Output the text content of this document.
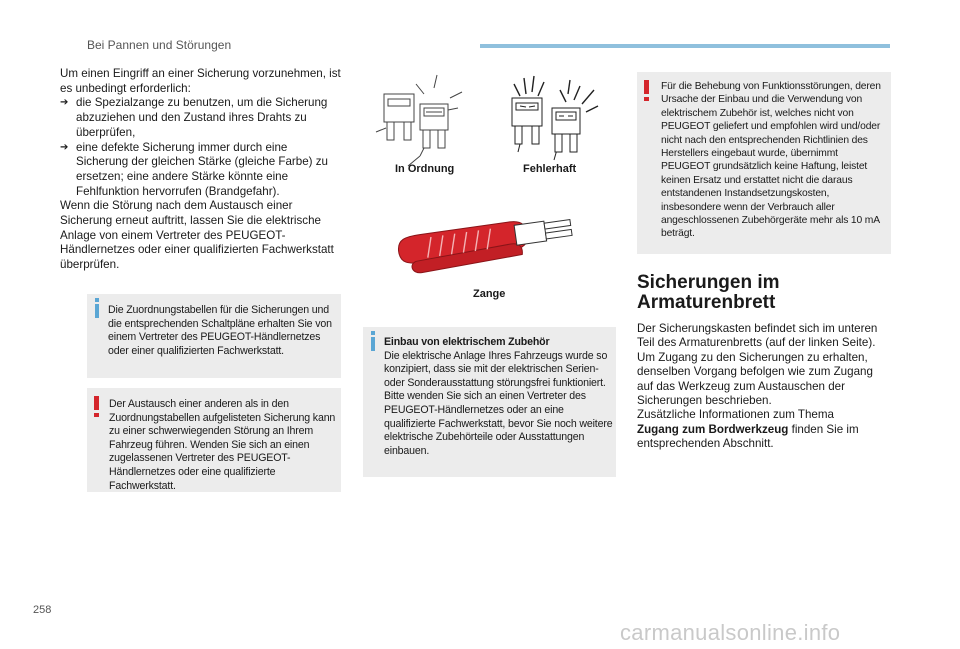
Bei Pannen und Störungen

Um einen Eingriff an einer Sicherung vorzunehmen, ist es unbedingt erforderlich:

➔ die Spezialzange zu benutzen, um die Sicherung abzuziehen und den Zustand ihres Drahts zu überprüfen,
➔ eine defekte Sicherung immer durch eine Sicherung der gleichen Stärke (gleiche Farbe) zu ersetzen; eine andere Stärke könnte eine Fehlfunktion hervorrufen (Brandgefahr).

Wenn die Störung nach dem Austausch einer Sicherung erneut auftritt, lassen Sie die elektrische Anlage von einem Vertreter des PEUGEOT-Händlernetzes oder einer qualifizierten Fachwerkstatt überprüfen.

Die Zuordnungstabellen für die Sicherungen und die entsprechenden Schaltpläne erhalten Sie von einem Vertreter des PEUGEOT-Händlernetzes oder einer qualifizierten Fachwerkstatt.
Der Austausch einer anderen als in den Zuordnungstabellen aufgelisteten Sicherung kann zu einer schwerwiegenden Störung an Ihrem Fahrzeug führen. Wenden Sie sich an einen zugelassenen Vertreter des PEUGEOT-Händlernetzes oder eine qualifizierte Fachwerkstatt.
In Ordnung	Fehlerhaft
Zange
Einbau von elektrischem Zubehör
Die elektrische Anlage Ihres Fahrzeugs wurde so konzipiert, dass sie mit der elektrischen Serien- oder Sonderausstattung störungsfrei funktioniert. Bitte wenden Sie sich an einen Vertreter des PEUGEOT-Händlernetzes oder an eine qualifizierte Fachwerkstatt, bevor Sie noch weitere elektrische Zubehörteile oder Ausstattungen einbauen.
Für die Behebung von Funktionsstörungen, deren Ursache der Einbau und die Verwendung von elektrischem Zubehör ist, welches nicht von PEUGEOT geliefert und empfohlen wird und/oder nicht nach den entsprechenden Richtlinien des Herstellers eingebaut wurde, übernimmt PEUGEOT grundsätzlich keine Haftung, leistet keinen Ersatz und erstattet nicht die daraus entstandenen Instandsetzungskosten, insbesondere wenn der Verbrauch aller angeschlossenen Zubehörgeräte mehr als 10 mA beträgt.
Sicherungen im
Armaturenbrett

Der Sicherungskasten befindet sich im unteren Teil des Armaturenbretts (auf der linken Seite). Um Zugang zu den Sicherungen zu erhalten, denselben Vorgang befolgen wie zum Zugang auf das Werkzeug zum Austauschen der Sicherungen beschrieben.

Zusätzliche Informationen zum Thema
Zugang zum Bordwerkzeug finden Sie im entsprechenden Abschnitt.

258
carmanualsonline.info
